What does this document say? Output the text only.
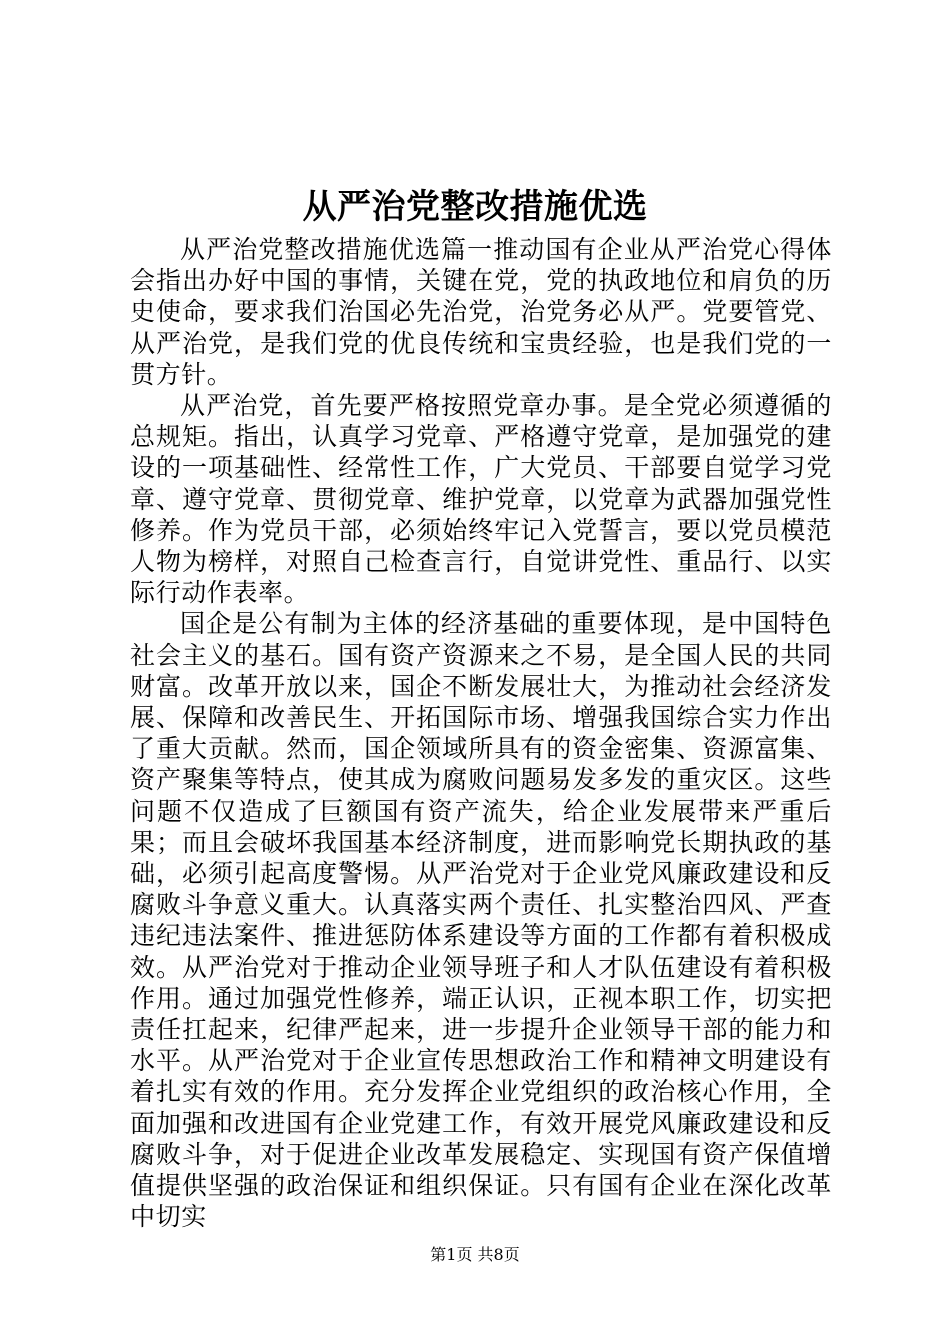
从严治党整改措施优选

从严治党整改措施优选篇一推动国有企业从严治党心得体会指出办好中国的事情，关键在党，党的执政地位和肩负的历史使命，要求我们治国必先治党，治党务必从严。党要管党、从严治党，是我们党的优良传统和宝贵经验，也是我们党的一贯方针。

从严治党，首先要严格按照党章办事。是全党必须遵循的总规矩。指出，认真学习党章、严格遵守党章，是加强党的建设的一项基础性、经常性工作，广大党员、干部要自觉学习党章、遵守党章、贯彻党章、维护党章，以党章为武器加强党性修养。作为党员干部，必须始终牢记入党誓言，要以党员模范人物为榜样，对照自己检查言行，自觉讲党性、重品行、以实际行动作表率。

国企是公有制为主体的经济基础的重要体现，是中国特色社会主义的基石。国有资产资源来之不易，是全国人民的共同财富。改革开放以来，国企不断发展壮大，为推动社会经济发展、保障和改善民生、开拓国际市场、增强我国综合实力作出了重大贡献。然而，国企领域所具有的资金密集、资源富集、资产聚集等特点，使其成为腐败问题易发多发的重灾区。这些问题不仅造成了巨额国有资产流失，给企业发展带来严重后果；而且会破坏我国基本经济制度，进而影响党长期执政的基础，必须引起高度警惕。从严治党对于企业党风廉政建设和反腐败斗争意义重大。认真落实两个责任、扎实整治四风、严查违纪违法案件、推进惩防体系建设等方面的工作都有着积极成效。从严治党对于推动企业领导班子和人才队伍建设有着积极作用。通过加强党性修养，端正认识，正视本职工作，切实把责任扛起来，纪律严起来，进一步提升企业领导干部的能力和水平。从严治党对于企业宣传思想政治工作和精神文明建设有着扎实有效的作用。充分发挥企业党组织的政治核心作用，全面加强和改进国有企业党建工作，有效开展党风廉政建设和反腐败斗争，对于促进企业改革发展稳定、实现国有资产保值增值提供坚强的政治保证和组织保证。只有国有企业在深化改革中切实

第1页 共8页
